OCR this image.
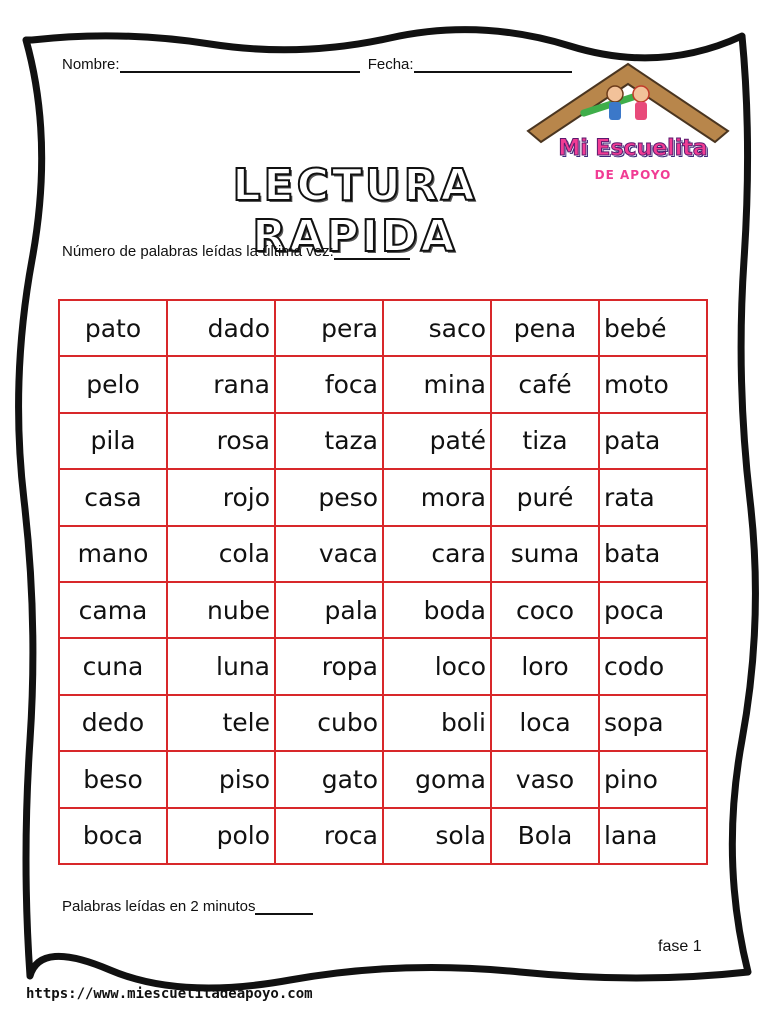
Nombre:	Fecha:
Mi Escuelita
DE APOYO
LECTURA RAPIDA
Número de palabras leídas la última vez:
pato	dado	pera	saco	pena	bebé
pelo	rana	foca	mina	café	moto
pila	rosa	taza	paté	tiza	pata
casa	rojo	peso	mora	puré	rata
mano	cola	vaca	cara	suma	bata
cama	nube	pala	boda	coco	poca
cuna	luna	ropa	loco	loro	codo
dedo	tele	cubo	boli	loca	sopa
beso	piso	gato	goma	vaso	pino
boca	polo	roca	sola	Bola	lana
Palabras leídas en 2 minutos
fase 1
https://www.miescuelitadeapoyo.com
